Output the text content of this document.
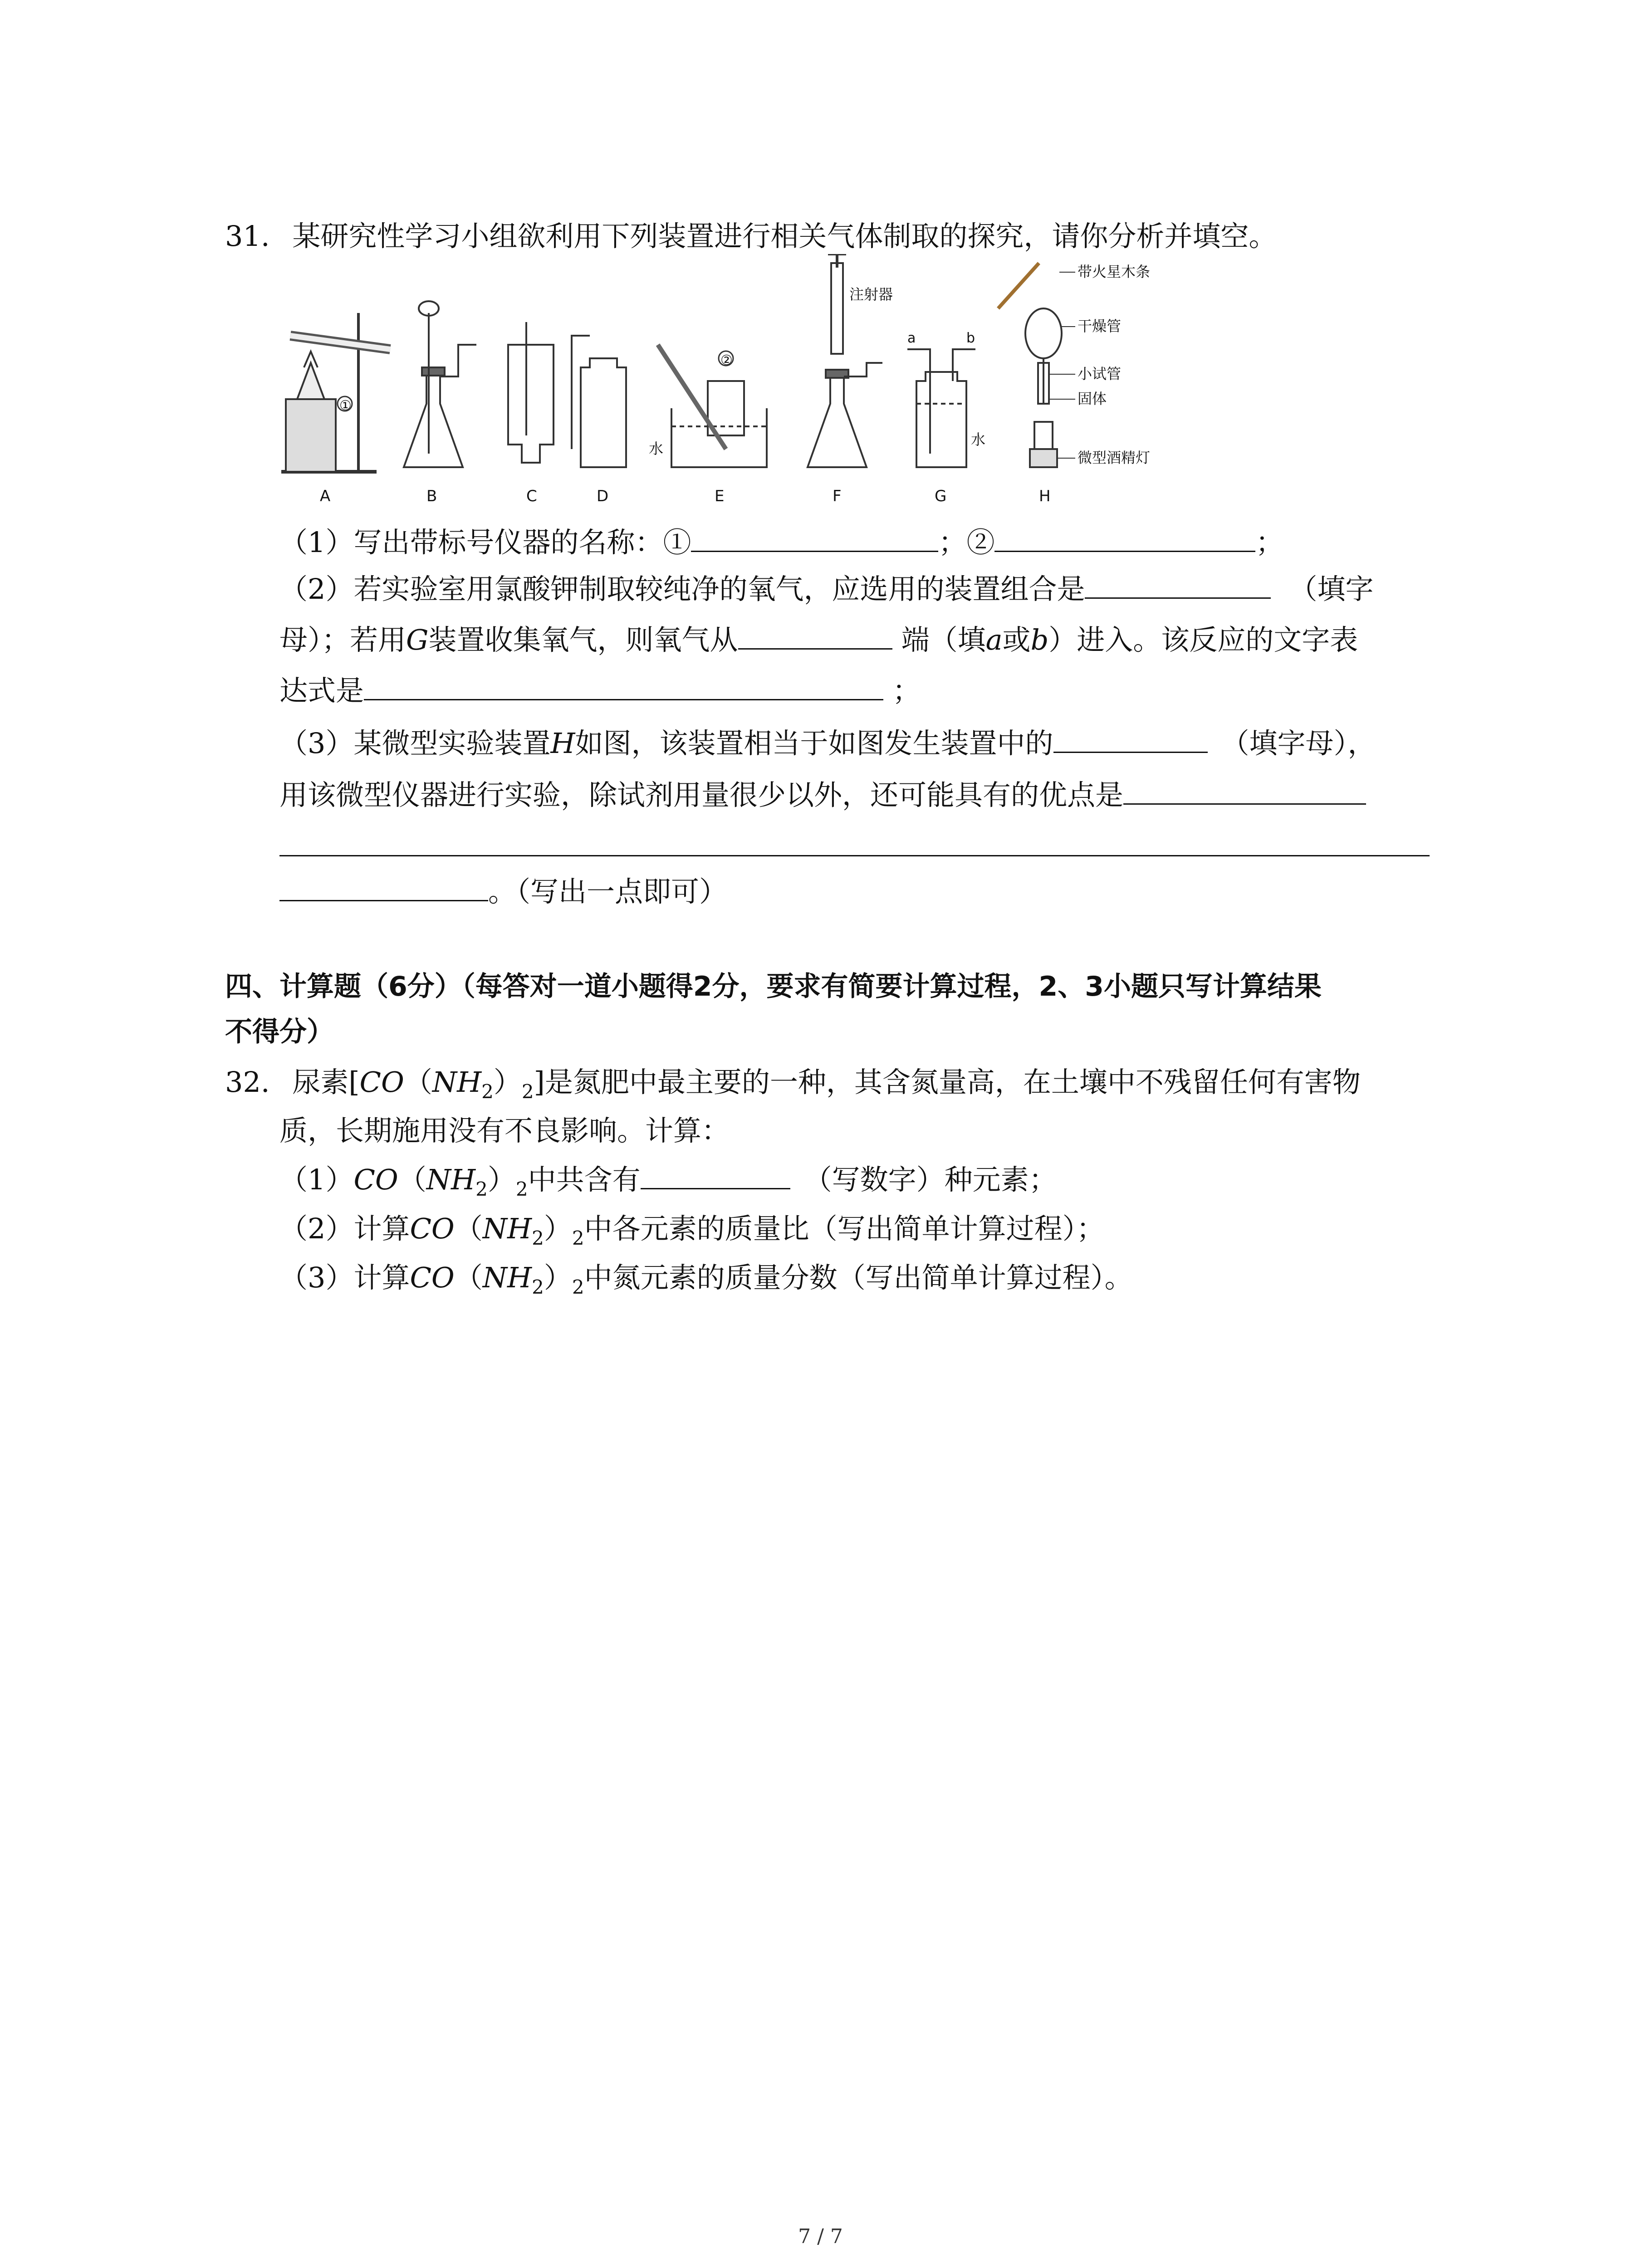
31. 某研究性学习小组欲利用下列装置进行相关气体制取的探究，请你分析并填空。
①
A	B	C	D
②
水
E
注射器
F
a	b
水
G
带火星木条
干燥管
小试管
固体
微型酒精灯
H
（1）写出带标号仪器的名称：①	；②	；
（2）若实验室用氯酸钾制取较纯净的氧气，应选用的装置组合是	（填字
母）；若用G装置收集氧气，则氧气从	端（填a或b）进入。该反应的文字表
达式是	；
（3）某微型实验装置H如图，该装置相当于如图发生装置中的	（填字母），
用该微型仪器进行实验，除试剂用量很少以外，还可能具有的优点是
。（写出一点即可）
四、计算题（6分）（每答对一道小题得2分，要求有简要计算过程，2、3小题只写计算结果
不得分）
32. 尿素$[CO(NH_2)_2]$是氮肥中最主要的一种，其含氮量高，在土壤中不残留任何有害物
质，长期施用没有不良影响。计算：
$(1)CO(NH_2)_2$中共含有	（写数字）种元素；
（2）计算$CO(NH_2)_2$中各元素的质量比（写出简单计算过程）；
（3）计算$CO(NH_2)_2$中氮元素的质量分数（写出简单计算过程）。
7 / 7
